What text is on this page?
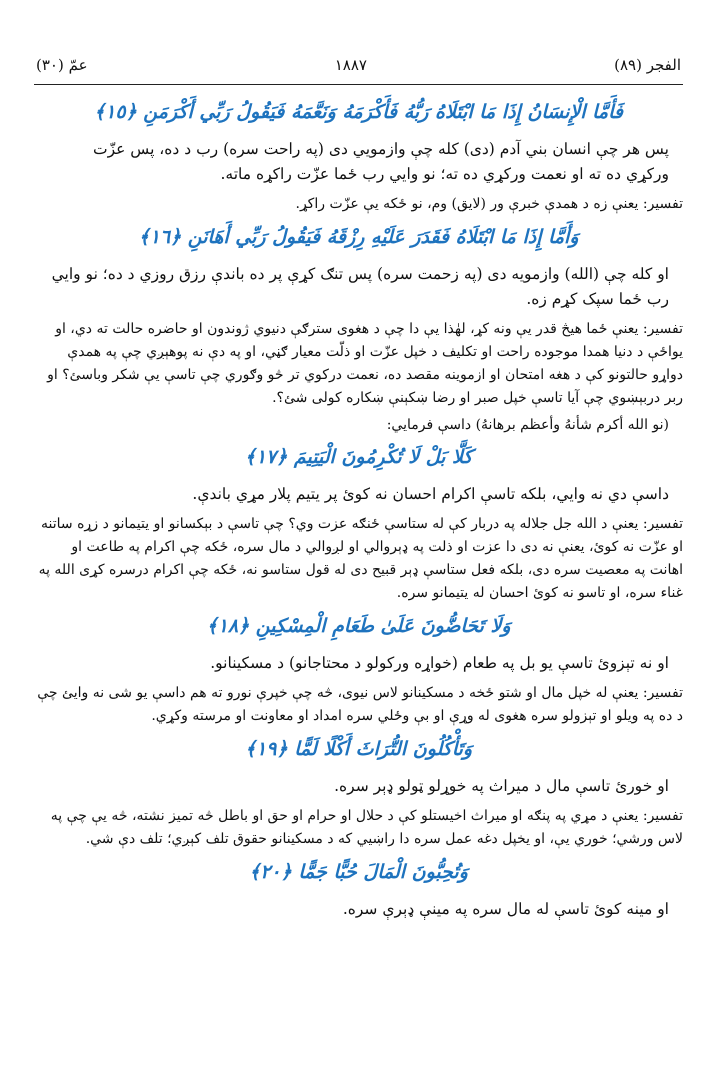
الفجر (۸۹)
۱۸۸۷
عمّ (۳۰)
فَأَمَّا الْإِنسَانُ إِذَا مَا ابْتَلَاهُ رَبُّهُ فَأَكْرَمَهُ وَنَعَّمَهُ فَيَقُولُ رَبِّي أَكْرَمَنِ ﴿١٥﴾

پس هر چې انسان بني آدم (دى) كله چې وازمويي دى (په راحت سره) رب د ده، پس عزّت وركړي ده ته او نعمت وركړي ده ته؛ نو وايي رب ځما عزّت راكړه ماته.

تفسير: يعنې زه د همدې خبرې ور (لايق) وم، نو ځکه يې عزّت راكړ.

وَأَمَّا إِذَا مَا ابْتَلَاهُ فَقَدَرَ عَلَيْهِ رِزْقَهُ فَيَقُولُ رَبِّي أَهَانَنِ ﴿١٦﴾

او كله چې (الله) وازمويه دى (په زحمت سره) پس تنګ كړې پر ده باندې رزق روزي د ده؛ نو وايي رب ځما سپک كړم زه.

تفسير: يعنې ځما هيڅ قدر يې ونه كړ، لهٰذا يې دا چې د هغوى سترګې دنيوي ژوندون او حاضره حالت ته دي، او يواځې د دنيا همدا موجوده راحت او تكليف د خپل عزّت او ذلّت معيار ګڼي، او په دې نه پوهېږي چې په همدې دواړو حالتونو كې د هغه امتحان او ازموينه مقصد ده، نعمت دركوي تر څو وګوري چې تاسې يې شكر وباسئ؟ او ربر دربېښوي چې آيا تاسې خپل صبر او رضا ښكېنې ښكاره كولى شئ؟.

(نو الله أكرم شأنهُ وأعظم برهانهُ) داسې فرمايي:

كَلَّا بَلْ لَا تُكْرِمُونَ الْيَتِيمَ ﴿١٧﴾

داسې دي نه وايي، بلكه تاسې اكرام احسان نه كوئ پر يتيم پلار مړي باندې.

تفسير: يعنې د الله جل جلاله په دربار كې له ستاسې ځنګه عزت وي؟ چې تاسې د بېكسانو او يتيمانو د زړه ساتنه او عزّت نه كوئ، يعنې نه دى دا عزت او ذلت په ډېروالي او لږوالي د مال سره، ځکه چې اكرام په طاعت او اهانت په معصيت سره دى، بلكه فعل ستاسې ډېر قبيح دى له قول ستاسو نه، ځكه چې اكرام درسره كړى الله په غناء سره، او تاسو نه كوئ احسان له يتيمانو سره.

وَلَا تَحَاضُّونَ عَلَىٰ طَعَامِ الْمِسْكِينِ ﴿١٨﴾

او نه تېزوئ تاسې يو بل په طعام (خواړه وركولو د محتاجانو) د مسكينانو.

تفسير: يعنې له خپل مال او شتو ځخه د مسكينانو لاس نيوى، څه چې خپرې نورو ته هم داسې يو شى نه وايئ چې د ده په ويلو او تېزولو سره هغوى له وړې او بې وځلي سره امداد او معاونت او مرسته وكړي.

وَتَأْكُلُونَ التُّرَاثَ أَكْلًا لَمًّا ﴿١٩﴾

او خورئ تاسې مال د ميراث په خوړلو ټولو ډېر سره.

تفسير: يعنې د مړي په پنګه او ميراث اخيستلو كې د حلال او حرام او حق او باطل څه تميز نشته، څه يې چې په لاس ورشي؛ خوري يې، او يخپل دغه عمل سره دا راښيي كه د مسكينانو حقوق تلف كېږي؛ تلف دې شي.

وَتُحِبُّونَ الْمَالَ حُبًّا جَمًّا ﴿٢٠﴾

او مينه كوئ تاسې له مال سره په مينې ډېرې سره.
